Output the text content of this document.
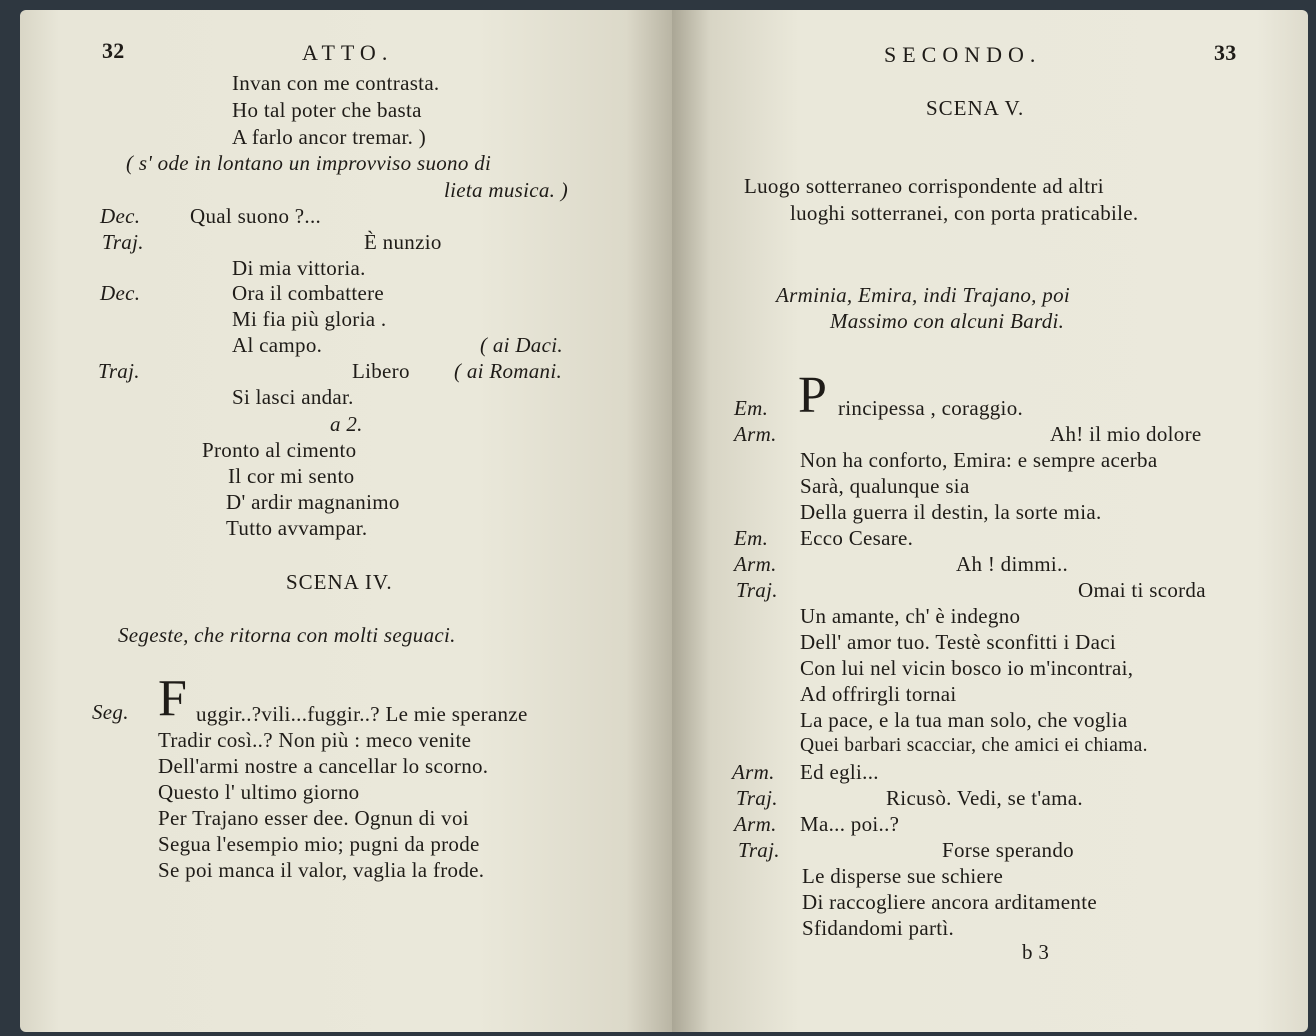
32	ATTO.
Invan con me contrasta.
Ho tal poter che basta
A farlo ancor tremar. )
( s' ode in lontano un improvviso suono di
lieta musica. )
Dec. Qual suono ?...
Traj.	È nunzio
Di mia vittoria.
Dec.	Ora il combattere
Mi fia più gloria .
Al campo.	( ai Daci.
Traj.	Libero ( ai Romani.
Si lasci andar.
a 2.
Pronto al cimento
Il cor mi sento
D' ardir magnanimo
Tutto avvampar.
SCENA IV.
Segeste, che ritorna con molti seguaci.
Seg. F uggir..?vili...fuggir..? Le mie speranze
Tradir così..? Non più : meco venite
Dell'armi nostre a cancellar lo scorno.
Questo l' ultimo giorno
Per Trajano esser dee. Ognun di voi
Segua l'esempio mio; pugni da prode
Se poi manca il valor, vaglia la frode.
SECONDO.	33
SCENA V.
Luogo sotterraneo corrispondente ad altri
luoghi sotterranei, con porta praticabile.
Arminia, Emira, indi Trajano, poi
Massimo con alcuni Bardi.
Em. P rincipessa , coraggio.
Arm.	Ah! il mio dolore
Non ha conforto, Emira: e sempre acerba
Sarà, qualunque sia
Della guerra il destin, la sorte mia.
Em. Ecco Cesare.
Arm.	Ah ! dimmi..
Traj.	Omai ti scorda
Un amante, ch' è indegno
Dell' amor tuo. Testè sconfitti i Daci
Con lui nel vicin bosco io m'incontrai,
Ad offrirgli tornai
La pace, e la tua man solo, che voglia
Quei barbari scacciar, che amici ei chiama.
Arm. Ed egli...
Traj.	Ricusò. Vedi, se t'ama.
Arm. Ma... poi..?
Traj.	Forse sperando
Le disperse sue schiere
Di raccogliere ancora arditamente
Sfidandomi partì.
b 3
